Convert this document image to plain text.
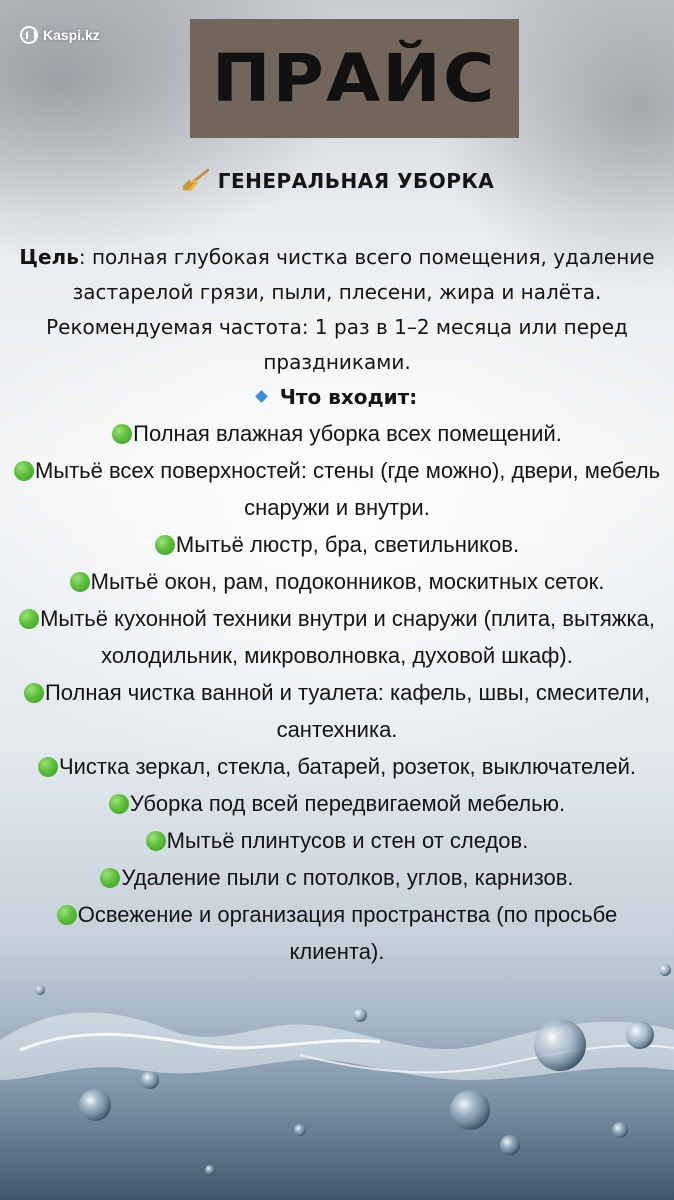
Kaspi.kz
ПРАЙС
ГЕНЕРАЛЬНАЯ УБОРКА

Цель: полная глубокая чистка всего помещения, удаление застарелой грязи, пыли, плесени, жира и налёта.

Рекомендуемая частота: 1 раз в 1–2 месяца или перед праздниками.

Что входит:

Полная влажная уборка всех помещений.

Мытьё всех поверхностей: стены (где можно), двери, мебель снаружи и внутри.

Мытьё люстр, бра, светильников.

Мытьё окон, рам, подоконников, москитных сеток.

Мытьё кухонной техники внутри и снаружи (плита, вытяжка, холодильник, микроволновка, духовой шкаф).

Полная чистка ванной и туалета: кафель, швы, смесители, сантехника.

Чистка зеркал, стекла, батарей, розеток, выключателей.

Уборка под всей передвигаемой мебелью.

Мытьё плинтусов и стен от следов.

Удаление пыли с потолков, углов, карнизов.

Освежение и организация пространства (по просьбе клиента).
